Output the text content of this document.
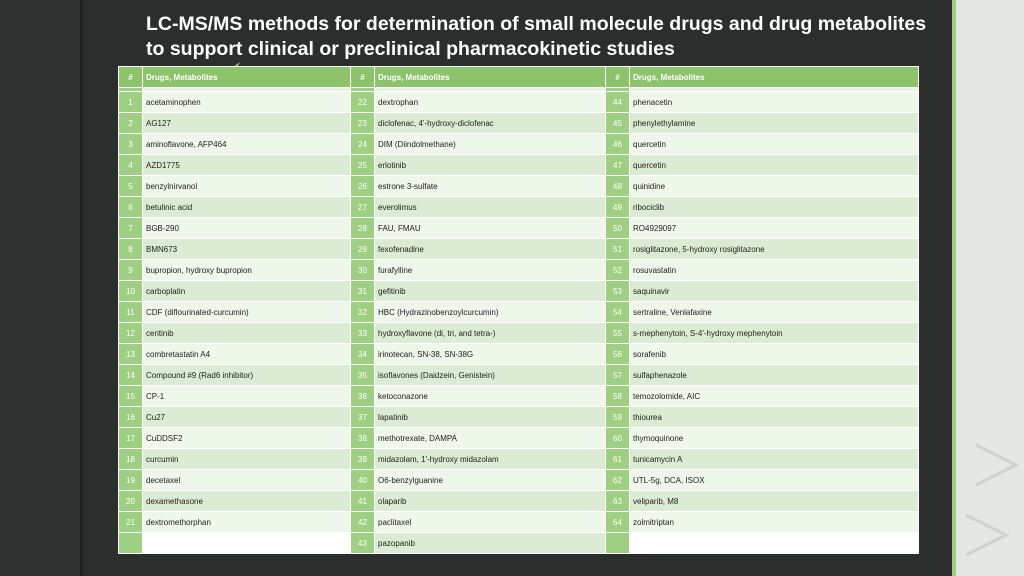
LC-MS/MS methods for determination of small molecule drugs and drug metabolites to support clinical or preclinical pharmacokinetic studies
#	Drugs, Metabolites	#	Drugs, Metabolites	#	Drugs, Metabolites

1	acetaminophen	22	dextrophan	44	phenacetin
2	AG127	23	diclofenac, 4'-hydroxy-diclofenac	45	phenylethylamine
3	aminoflavone, AFP464	24	DIM (Diindolmethane)	46	quercetin
4	AZD1775	25	erlotinib	47	quercetin
5	benzylnirvanol	26	estrone 3-sulfate	48	quinidine
6	betulinic acid	27	everolimus	49	ribociclib
7	BGB-290	28	FAU, FMAU	50	RO4929097
8	BMN673	29	fexofenadine	51	rosiglitazone, 5-hydroxy rosiglitazone
9	bupropion, hydroxy bupropion	30	furafylline	52	rosuvastatin
10	carboplatin	31	gefitinib	53	saquinavir
11	CDF (diflourinated-curcumin)	32	HBC (Hydrazinobenzoylcurcumin)	54	sertraline, Venlafaxine
12	ceritinib	33	hydroxyflavone (di, tri, and tetra-)	55	s-mephenytoin, S-4'-hydroxy mephenytoin
13	combretastatin A4	34	irinotecan, SN-38, SN-38G	56	sorafenib
14	Compound #9 (Rad6 inhibitor)	35	isoflavones (Daidzein, Genistein)	57	sulfaphenazole
15	CP-1	36	ketoconazone	58	temozolomide, AIC
16	Cu27	37	lapatinib	59	thiourea
17	CuDDSF2	38	methotrexate, DAMPA	60	thymoquinone
18	curcumin	39	midazolam, 1'-hydroxy midazolam	61	tunicamycin A
19	decetaxel	40	O6-benzylguanine	62	UTL-5g, DCA, ISOX
20	dexamethasone	41	olaparib	63	veliparib, M8
21	dextromethorphan	42	paclitaxel	64	zolmitriptan
		43	pazopanib		
